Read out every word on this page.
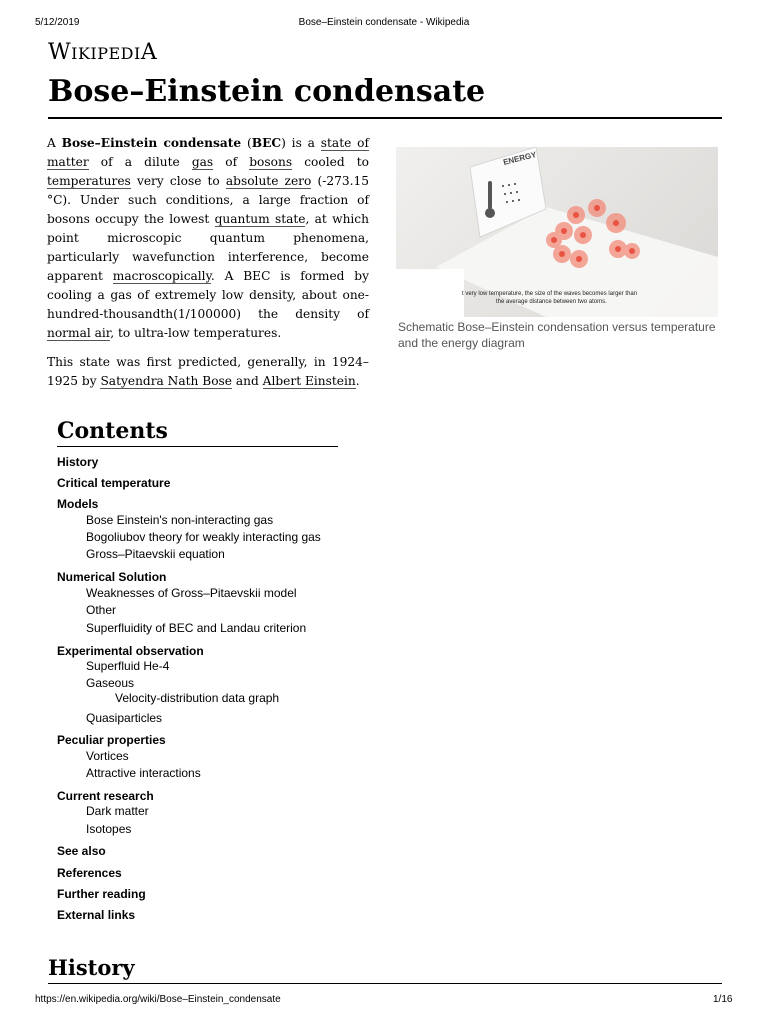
5/12/2019	Bose–Einstein condensate - Wikipedia
WIKIPEDIA
Bose–Einstein condensate

A Bose–Einstein condensate (BEC) is a state of matter of a dilute gas of bosons cooled to temperatures very close to absolute zero (-273.15 °C). Under such conditions, a large fraction of bosons occupy the lowest quantum state, at which point microscopic quantum phenomena, particularly wavefunction interference, become apparent macroscopically. A BEC is formed by cooling a gas of extremely low density, about one-hundred-thousandth(1/100000) the density of normal air, to ultra-low temperatures.

This state was first predicted, generally, in 1924–1925 by Satyendra Nath Bose and Albert Einstein.

ENERGY
t very low temperature, the size of the waves becomes larger than
the average distance between two atoms.
Schematic Bose–Einstein condensation versus temperature and the energy diagram
Contents
History
Critical temperature
Models
Bose Einstein's non-interacting gas
Bogoliubov theory for weakly interacting gas
Gross–Pitaevskii equation
Numerical Solution
Weaknesses of Gross–Pitaevskii model
Other
Superfluidity of BEC and Landau criterion
Experimental observation
Superfluid He-4
Gaseous
Velocity-distribution data graph
Quasiparticles
Peculiar properties
Vortices
Attractive interactions
Current research
Dark matter
Isotopes
See also
References
Further reading
External links
History
https://en.wikipedia.org/wiki/Bose–Einstein_condensate	1/16
